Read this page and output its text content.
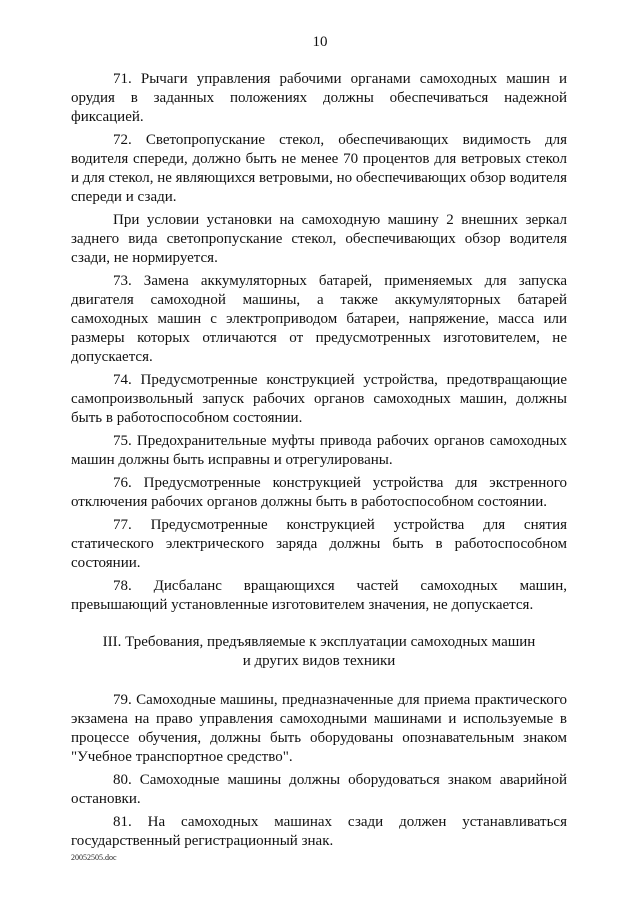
10

71. Рычаги управления рабочими органами самоходных машин и орудия в заданных положениях должны обеспечиваться надежной фиксацией.

72. Светопропускание стекол, обеспечивающих видимость для водителя спереди, должно быть не менее 70 процентов для ветровых стекол и для стекол, не являющихся ветровыми, но обеспечивающих обзор водителя спереди и сзади.

При условии установки на самоходную машину 2 внешних зеркал заднего вида светопропускание стекол, обеспечивающих обзор водителя сзади, не нормируется.

73. Замена аккумуляторных батарей, применяемых для запуска двигателя самоходной машины, а также аккумуляторных батарей самоходных машин с электроприводом батареи, напряжение, масса или размеры которых отличаются от предусмотренных изготовителем, не допускается.

74. Предусмотренные конструкцией устройства, предотвращающие самопроизвольный запуск рабочих органов самоходных машин, должны быть в работоспособном состоянии.

75. Предохранительные муфты привода рабочих органов самоходных машин должны быть исправны и отрегулированы.

76. Предусмотренные конструкцией устройства для экстренного отключения рабочих органов должны быть в работоспособном состоянии.

77. Предусмотренные конструкцией устройства для снятия статического электрического заряда должны быть в работоспособном состоянии.

78. Дисбаланс вращающихся частей самоходных машин, превышающий установленные изготовителем значения, не допускается.

III. Требования, предъявляемые к эксплуатации самоходных машин
и других видов техники

79. Самоходные машины, предназначенные для приема практического экзамена на право управления самоходными машинами и используемые в процессе обучения, должны быть оборудованы опознавательным знаком "Учебное транспортное средство".

80. Самоходные машины должны оборудоваться знаком аварийной остановки.

81. На самоходных машинах сзади должен устанавливаться государственный регистрационный знак.

20052505.doc
